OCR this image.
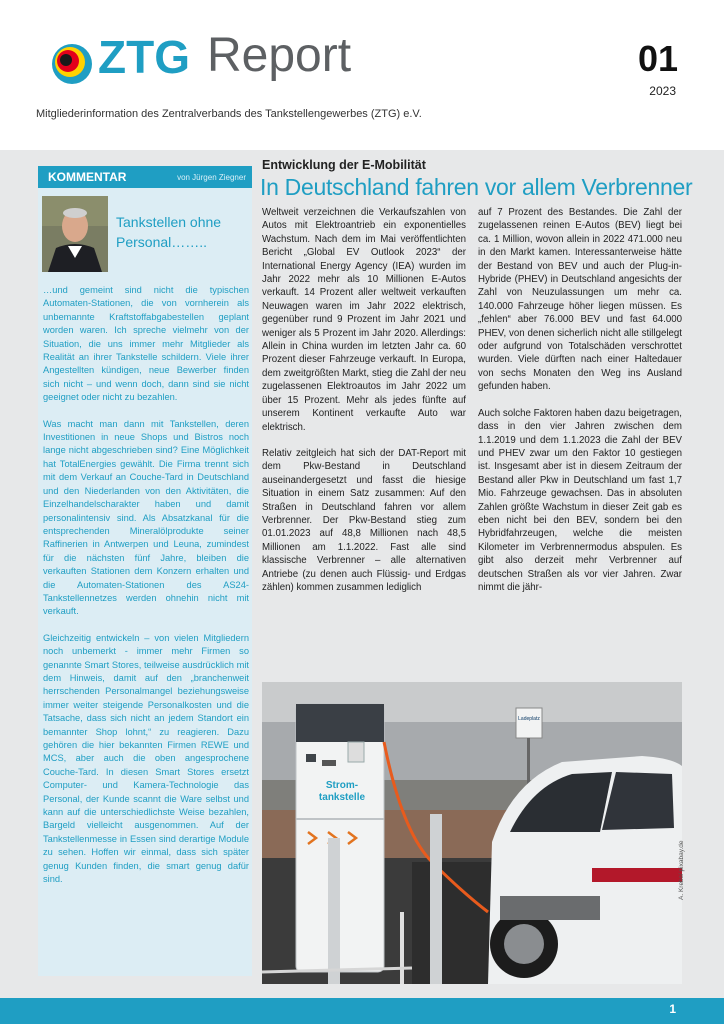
ZTG Report	01
2023
Mitgliederinformation des Zentralverbands des Tankstellengewerbes (ZTG) e.V.
KOMMENTAR	von Jürgen Ziegner
Tankstellen ohne
Personal……..

…und gemeint sind nicht die typischen Automaten-Stationen, die von vornherein als unbemannte Kraftstoffabgabestellen geplant worden waren. Ich spreche vielmehr von der Situation, die uns immer mehr Mitglieder als Realität an ihrer Tankstelle schildern. Viele ihrer Angestellten kündigen, neue Bewerber finden sich nicht – und wenn doch, dann sind sie nicht geeignet oder nicht zu bezahlen.

Was macht man dann mit Tankstellen, deren Investitionen in neue Shops und Bistros noch lange nicht abgeschrieben sind? Eine Möglichkeit hat TotalEnergies gewählt. Die Firma trennt sich mit dem Verkauf an Couche-Tard in Deutschland und den Niederlanden von den Aktivitäten, die Einzelhandelscharakter haben und damit personalintensiv sind. Als Absatzkanal für die entsprechenden Mineralölprodukte seiner Raffinerien in Antwerpen und Leuna, zumindest für die nächsten fünf Jahre, bleiben die verkauften Stationen dem Konzern erhalten und die Automaten-Stationen des AS24-Tankstellennetzes werden ohnehin nicht mit verkauft.

Gleichzeitig entwickeln – von vielen Mitgliedern noch unbemerkt - immer mehr Firmen so genannte Smart Stores, teilweise ausdrücklich mit dem Hinweis, damit auf den „branchenweit herrschenden Personalmangel beziehungsweise immer weiter steigende Personalkosten und die Tatsache, dass sich nicht an jedem Standort ein bemannter Shop lohnt,“ zu reagieren. Dazu gehören die hier bekannten Firmen REWE und MCS, aber auch die oben angesprochene Couche-Tard. In diesen Smart Stores ersetzt Computer- und Kamera-Technologie das Personal, der Kunde scannt die Ware selbst und kann auf die unterschiedlichste Weise bezahlen, Bargeld vielleicht ausgenommen. Auf der Tankstellenmesse in Essen sind derartige Module zu sehen. Hoffen wir einmal, dass sich später genug Kunden finden, die smart genug dafür sind.

Entwicklung der E-Mobilität
In Deutschland fahren vor allem Verbrenner

Weltweit verzeichnen die Verkaufszahlen von Autos mit Elektroantrieb ein exponentielles Wachstum. Nach dem im Mai veröffentlichten Bericht „Global EV Outlook 2023“ der International Energy Agency (IEA) wurden im Jahr 2022 mehr als 10 Millionen E-Autos verkauft. 14 Prozent aller weltweit verkauften Neuwagen waren im Jahr 2022 elektrisch, gegenüber rund 9 Prozent im Jahr 2021 und weniger als 5 Prozent im Jahr 2020. Allerdings: Allein in China wurden im letzten Jahr ca. 60 Prozent dieser Fahrzeuge verkauft. In Europa, dem zweitgrößten Markt, stieg die Zahl der neu zugelassenen Elektroautos im Jahr 2022 um über 15 Prozent. Mehr als jedes fünfte auf unserem Kontinent verkaufte Auto war elektrisch.

Relativ zeitgleich hat sich der DAT-Report mit dem Pkw-Bestand in Deutschland auseinandergesetzt und fasst die hiesige Situation in einem Satz zusammen: Auf den Straßen in Deutschland fahren vor allem Verbrenner. Der Pkw-Bestand stieg zum 01.01.2023 auf 48,8 Millionen nach 48,5 Millionen am 1.1.2022. Fast alle sind klassische Verbrenner – alle alternativen Antriebe (zu denen auch Flüssig- und Erdgas zählen) kommen zusammen lediglich

auf 7 Prozent des Bestandes. Die Zahl der zugelassenen reinen E-Autos (BEV) liegt bei ca. 1 Million, wovon allein in 2022 471.000 neu in den Markt kamen. Interessanterweise hätte der Bestand von BEV und auch der Plug-in-Hybride (PHEV) in Deutschland angesichts der Zahl von Neuzulassungen um mehr ca. 140.000 Fahrzeuge höher liegen müssen. Es „fehlen“ aber 76.000 BEV und fast 64.000 PHEV, von denen sicherlich nicht alle stillgelegt oder aufgrund von Totalschäden verschrottet wurden. Viele dürften nach einer Haltedauer von sechs Monaten den Weg ins Ausland gefunden haben.

Auch solche Faktoren haben dazu beigetragen, dass in den vier Jahren zwischen dem 1.1.2019 und dem 1.1.2023 die Zahl der BEV und PHEV zwar um den Faktor 10 gestiegen ist. Insgesamt aber ist in diesem Zeitraum der Bestand aller Pkw in Deutschland um fast 1,7 Mio. Fahrzeuge gewachsen. Das in absoluten Zahlen größte Wachstum in dieser Zeit gab es eben nicht bei den BEV, sondern bei den Hybridfahrzeugen, welche die meisten Kilometer im Verbrennermodus abspulen. Es gibt also derzeit mehr Verbrenner auf deutschen Straßen als vor vier Jahren. Zwar nimmt die jähr-

Strom-
tankstelle
Ladeplatz
A. Krebs/ pixabay.de
1
